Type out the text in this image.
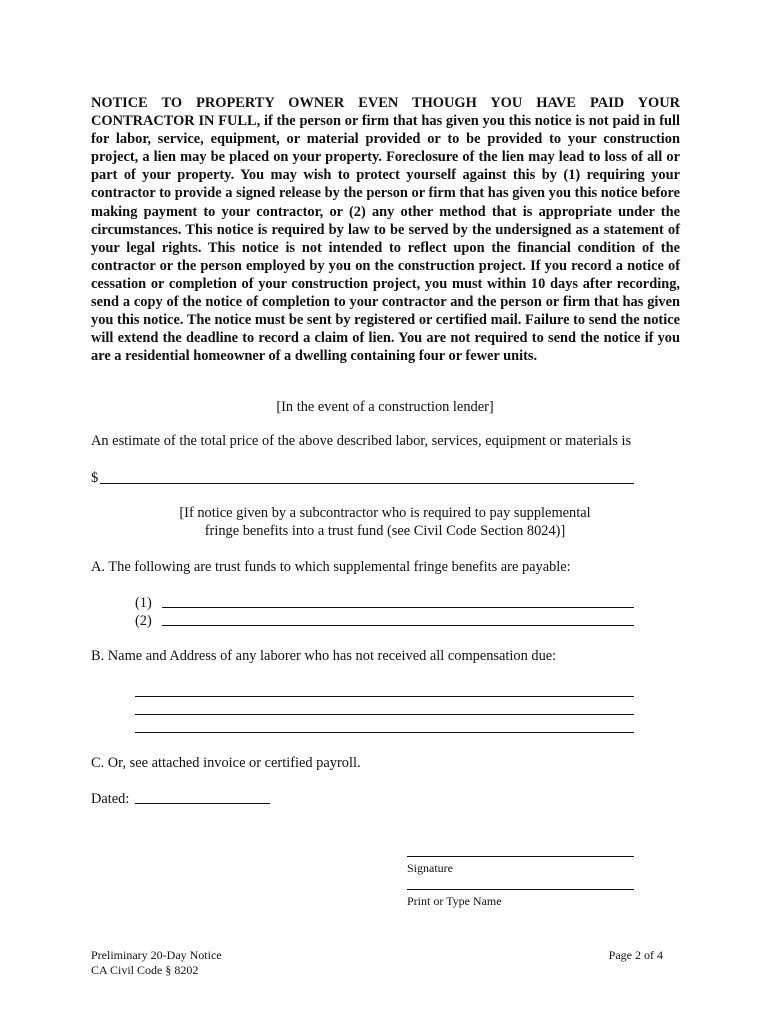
NOTICE TO PROPERTY OWNER EVEN THOUGH YOU HAVE PAID YOUR CONTRACTOR IN FULL, if the person or firm that has given you this notice is not paid in full for labor, service, equipment, or material provided or to be provided to your construction project, a lien may be placed on your property. Foreclosure of the lien may lead to loss of all or part of your property. You may wish to protect yourself against this by (1) requiring your contractor to provide a signed release by the person or firm that has given you this notice before making payment to your contractor, or (2) any other method that is appropriate under the circumstances. This notice is required by law to be served by the undersigned as a statement of your legal rights. This notice is not intended to reflect upon the financial condition of the contractor or the person employed by you on the construction project. If you record a notice of cessation or completion of your construction project, you must within 10 days after recording, send a copy of the notice of completion to your contractor and the person or firm that has given you this notice. The notice must be sent by registered or certified mail. Failure to send the notice will extend the deadline to record a claim of lien. You are not required to send the notice if you are a residential homeowner of a dwelling containing four or fewer units.

[In the event of a construction lender]

An estimate of the total price of the above described labor, services, equipment or materials is

$
[If notice given by a subcontractor who is required to pay supplemental
fringe benefits into a trust fund (see Civil Code Section 8024)]

A. The following are trust funds to which supplemental fringe benefits are payable:

(1)
(2)

B. Name and Address of any laborer who has not received all compensation due:

C. Or, see attached invoice or certified payroll.

Dated:

Signature

Print or Type Name

Preliminary 20-Day Notice
CA Civil Code § 8202
Page 2 of 4
